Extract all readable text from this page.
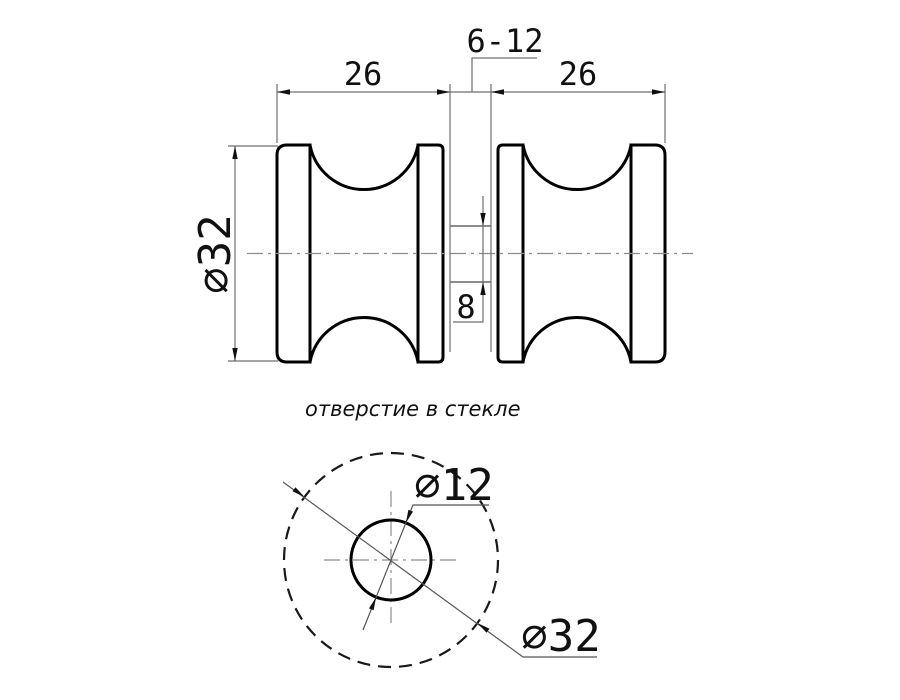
26	26
6-12
∅32
8
отверстие в стекле
∅12
∅32
